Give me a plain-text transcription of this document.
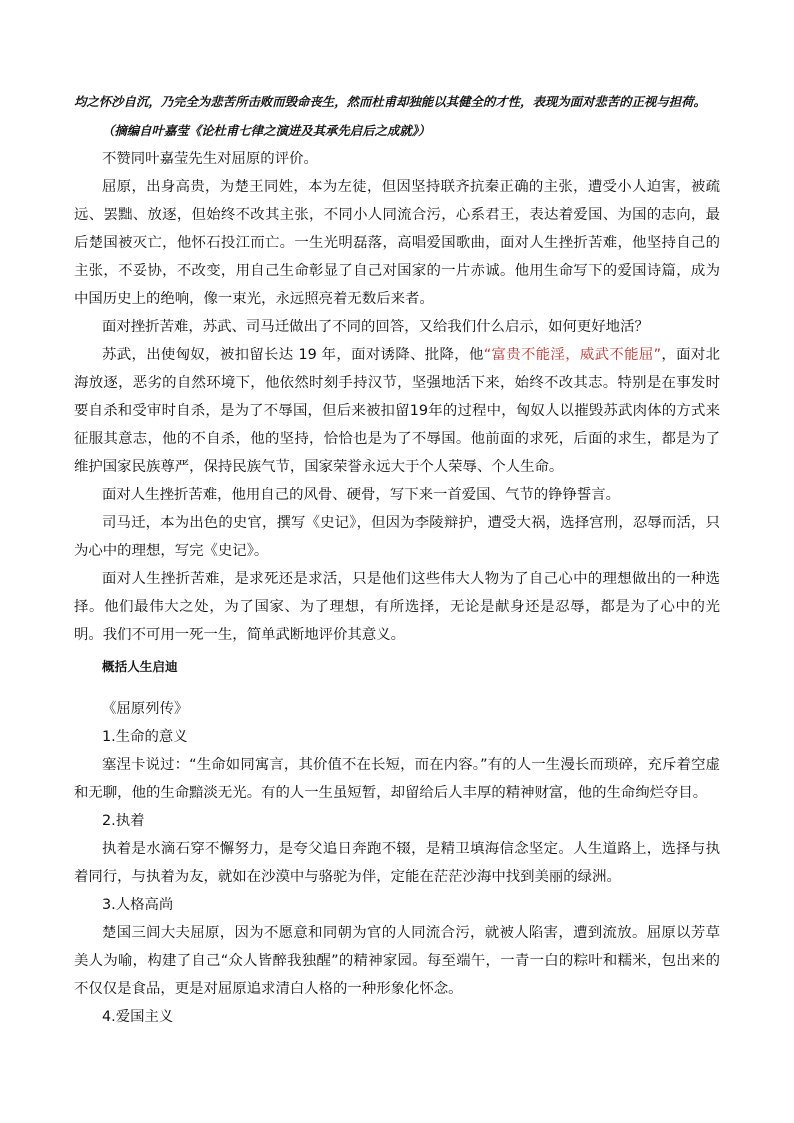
均之怀沙自沉，乃完全为悲苦所击败而毁命丧生，然而杜甫却独能以其健全的才性，表现为面对悲苦的正视与担荷。

（摘编自叶嘉莹《论杜甫七律之演进及其承先启后之成就》）

不赞同叶嘉莹先生对屈原的评价。

屈原，出身高贵，为楚王同姓，本为左徒，但因坚持联齐抗秦正确的主张，遭受小人迫害，被疏远、罢黜、放逐，但始终不改其主张，不同小人同流合污，心系君王，表达着爱国、为国的志向，最后楚国被灭亡，他怀石投江而亡。一生光明磊落，高唱爱国歌曲，面对人生挫折苦难，他坚持自己的主张，不妥协，不改变，用自己生命彰显了自己对国家的一片赤诚。他用生命写下的爱国诗篇，成为中国历史上的绝响，像一束光，永远照亮着无数后来者。

面对挫折苦难，苏武、司马迁做出了不同的回答，又给我们什么启示，如何更好地活？

苏武，出使匈奴，被扣留长达 19 年，面对诱降、批降，他“富贵不能淫，威武不能屈”，面对北海放逐，恶劣的自然环境下，他依然时刻手持汉节，坚强地活下来，始终不改其志。特别是在事发时要自杀和受审时自杀，是为了不辱国，但后来被扣留19年的过程中，匈奴人以摧毁苏武肉体的方式来征服其意志，他的不自杀，他的坚持，恰恰也是为了不辱国。他前面的求死，后面的求生，都是为了维护国家民族尊严，保持民族气节，国家荣誉永远大于个人荣辱、个人生命。

面对人生挫折苦难，他用自己的风骨、硬骨，写下来一首爱国、气节的铮铮誓言。

司马迁，本为出色的史官，撰写《史记》，但因为李陵辩护，遭受大祸，选择宫刑，忍辱而活，只为心中的理想，写完《史记》。

面对人生挫折苦难，是求死还是求活，只是他们这些伟大人物为了自己心中的理想做出的一种选择。他们最伟大之处，为了国家、为了理想，有所选择，无论是献身还是忍辱，都是为了心中的光明。我们不可用一死一生，简单武断地评价其意义。

概括人生启迪

《屈原列传》

1.生命的意义

塞涅卡说过：“生命如同寓言，其价值不在长短，而在内容。”有的人一生漫长而琐碎，充斥着空虚和无聊，他的生命黯淡无光。有的人一生虽短暂，却留给后人丰厚的精神财富，他的生命绚烂夺目。

2.执着

执着是水滴石穿不懈努力，是夸父追日奔跑不辍，是精卫填海信念坚定。人生道路上，选择与执着同行，与执着为友，就如在沙漠中与骆驼为伴，定能在茫茫沙海中找到美丽的绿洲。

3.人格高尚

楚国三闾大夫屈原，因为不愿意和同朝为官的人同流合污，就被人陷害，遭到流放。屈原以芳草美人为喻，构建了自己“众人皆醉我独醒”的精神家园。每至端午，一青一白的粽叶和糯米，包出来的不仅仅是食品，更是对屈原追求清白人格的一种形象化怀念。

4.爱国主义
